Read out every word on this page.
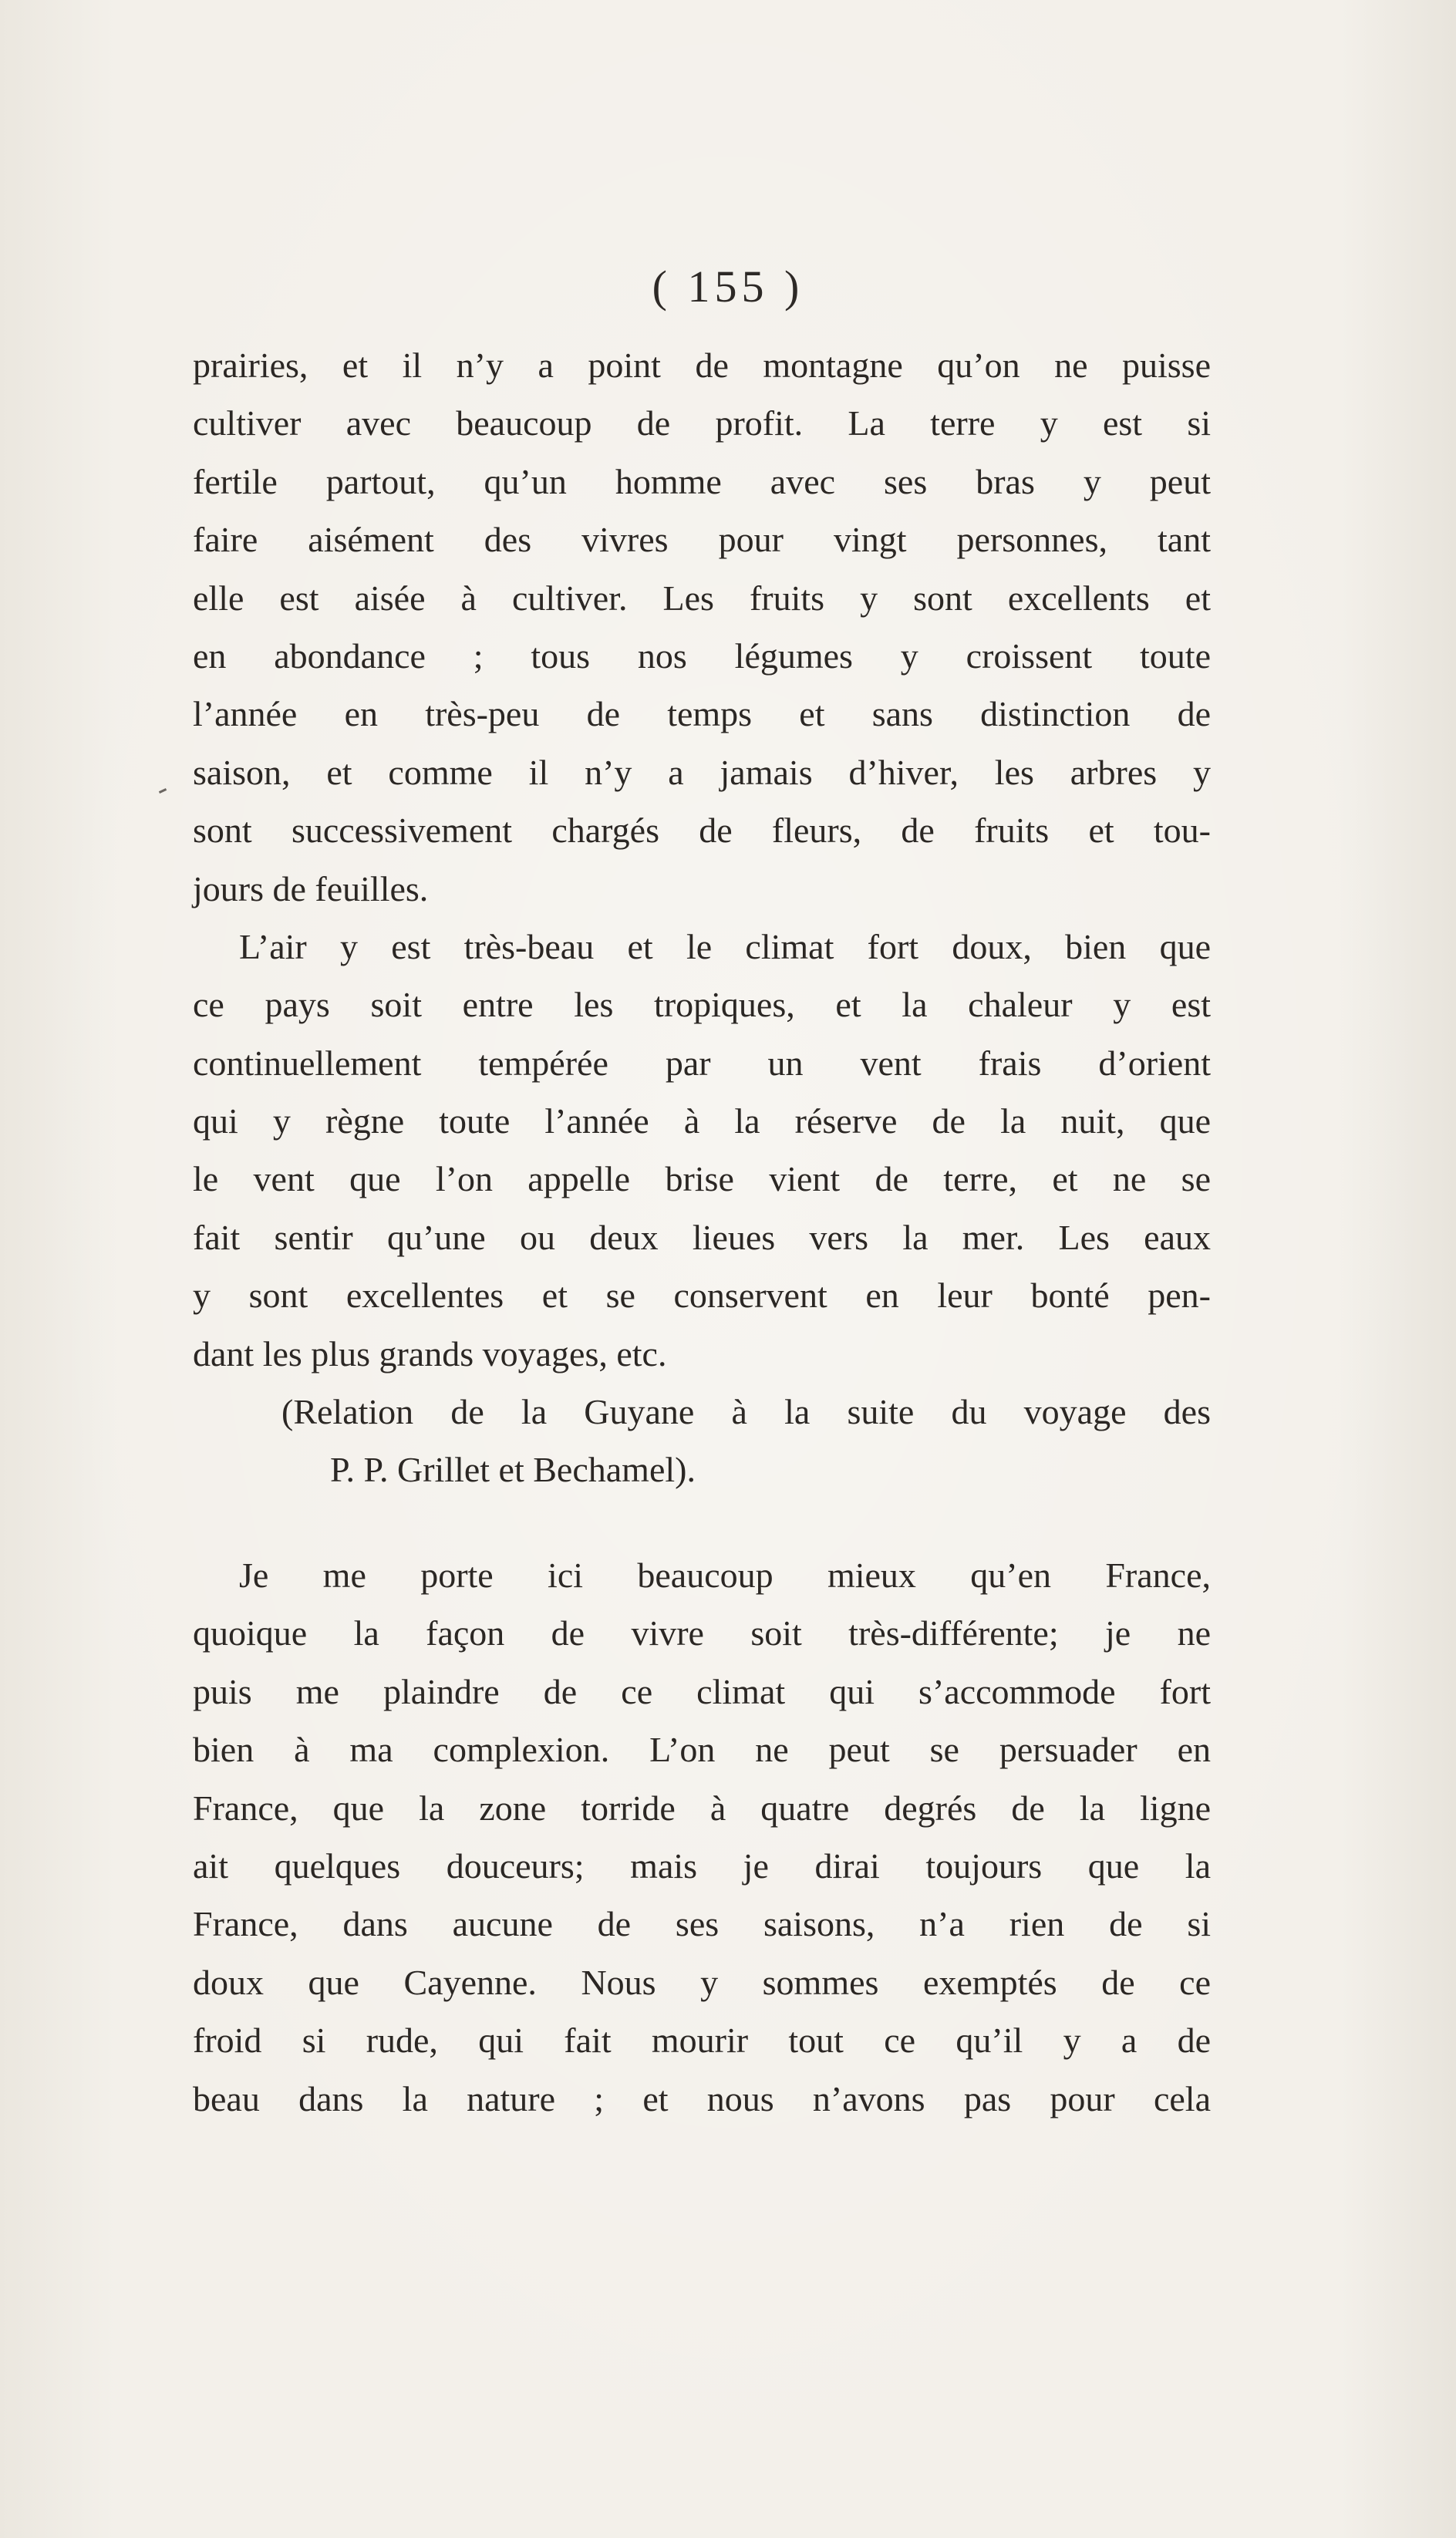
( 155 )
prairies, et il n’y a point de montagne qu’on ne puisse
cultiver avec beaucoup de profit. La terre y est si
fertile partout, qu’un homme avec ses bras y peut
faire aisément des vivres pour vingt personnes, tant
elle est aisée à cultiver. Les fruits y sont excellents et
en abondance ; tous nos légumes y croissent toute
l’année en très-peu de temps et sans distinction de
saison, et comme il n’y a jamais d’hiver, les arbres y
sont successivement chargés de fleurs, de fruits et tou-
jours de feuilles.
L’air y est très-beau et le climat fort doux, bien que
ce pays soit entre les tropiques, et la chaleur y est
continuellement tempérée par un vent frais d’orient
qui y règne toute l’année à la réserve de la nuit, que
le vent que l’on appelle brise vient de terre, et ne se
fait sentir qu’une ou deux lieues vers la mer. Les eaux
y sont excellentes et se conservent en leur bonté pen-
dant les plus grands voyages, etc.
(Relation de la Guyane à la suite du voyage des
P. P. Grillet et Bechamel).
Je me porte ici beaucoup mieux qu’en France,
quoique la façon de vivre soit très-différente; je ne
puis me plaindre de ce climat qui s’accommode fort
bien à ma complexion. L’on ne peut se persuader en
France, que la zone torride à quatre degrés de la ligne
ait quelques douceurs; mais je dirai toujours que la
France, dans aucune de ses saisons, n’a rien de si
doux que Cayenne. Nous y sommes exemptés de ce
froid si rude, qui fait mourir tout ce qu’il y a de
beau dans la nature ; et nous n’avons pas pour cela
